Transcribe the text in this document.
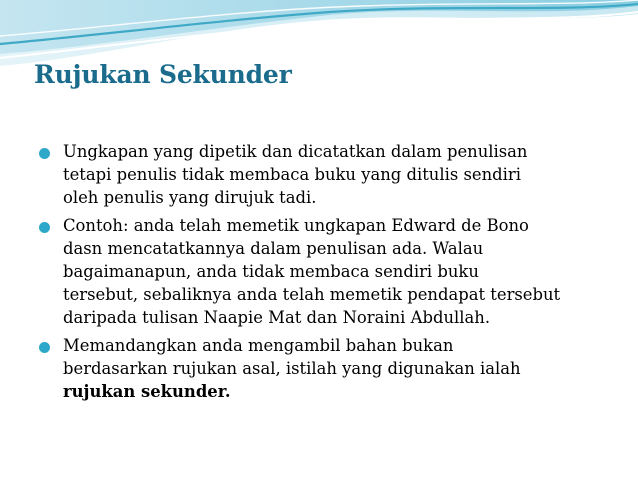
Rujukan Sekunder
Ungkapan yang dipetik dan dicatatkan dalam penulisan
tetapi penulis tidak membaca buku yang ditulis sendiri
oleh penulis yang dirujuk tadi.
Contoh: anda telah memetik ungkapan Edward de Bono
dasn mencatatkannya dalam penulisan ada. Walau
bagaimanapun, anda tidak membaca sendiri buku
tersebut, sebaliknya anda telah memetik pendapat tersebut
daripada tulisan Naapie Mat dan Noraini Abdullah.
Memandangkan anda mengambil bahan bukan
berdasarkan rujukan asal, istilah yang digunakan ialah
rujukan sekunder.
